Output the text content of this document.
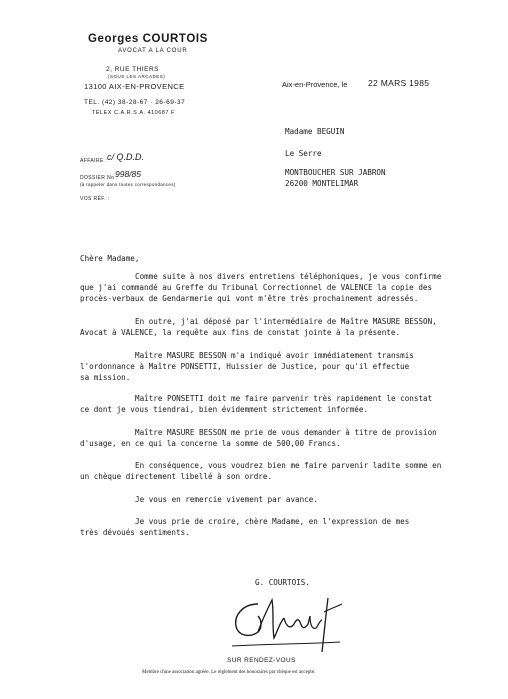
Georges COURTOIS
AVOCAT A LA COUR
2, RUE THIERS
(SOUS LES ARCADES)
13100 AIX-EN-PROVENCE
TEL. (42) 38-28-67 · 26-69-37
TÉLEX C.A.R.S.A. 410687 F
Aix-en-Provence, le 22 MARS 1985
Madame BEGUIN
Le Serre
MONTBOUCHER SUR JABRON
26200 MONTELIMAR
AFFAIRE : c/ Q.D.D.
DOSSIER No :
998/85
(à rappeler dans toutes correspondances)
VOS RÉF. :
Chère Madame,
Comme suite à nos divers entretiens téléphoniques, je vous confirme
que j'ai commandé au Greffe du Tribunal Correctionnel de VALENCE la copie des
procès-verbaux de Gendarmerie qui vont m'être très prochainement adressés.
En outre, j'ai déposé par l'intermédiaire de Maître MASURE BESSON,
Avocat à VALENCE, la requête aux fins de constat jointe à la présente.
Maître MASURE BESSON m'a indiqué avoir immédiatement transmis
l'ordonnance à Maître PONSETTI, Huissier de Justice, pour qu'il effectue
sa mission.
Maître PONSETTI doit me faire parvenir très rapidement le constat
ce dont je vous tiendrai, bien évidemment strictement informée.
Maître MASURE BESSON me prie de vous demander à titre de provision
d'usage, en ce qui la concerne la somme de 500,00 Francs.
En conséquence, vous voudrez bien me faire parvenir ladite somme en
un chèque directement libellé à son ordre.
Je vous en remercie vivement par avance.
Je vous prie de croire, chère Madame, en l'expression de mes
très dévoués sentiments.
G. COURTOIS.
SUR RENDEZ-VOUS
Membre d'une association agréée. Le règlement des honoraires par chèque est accepté.
